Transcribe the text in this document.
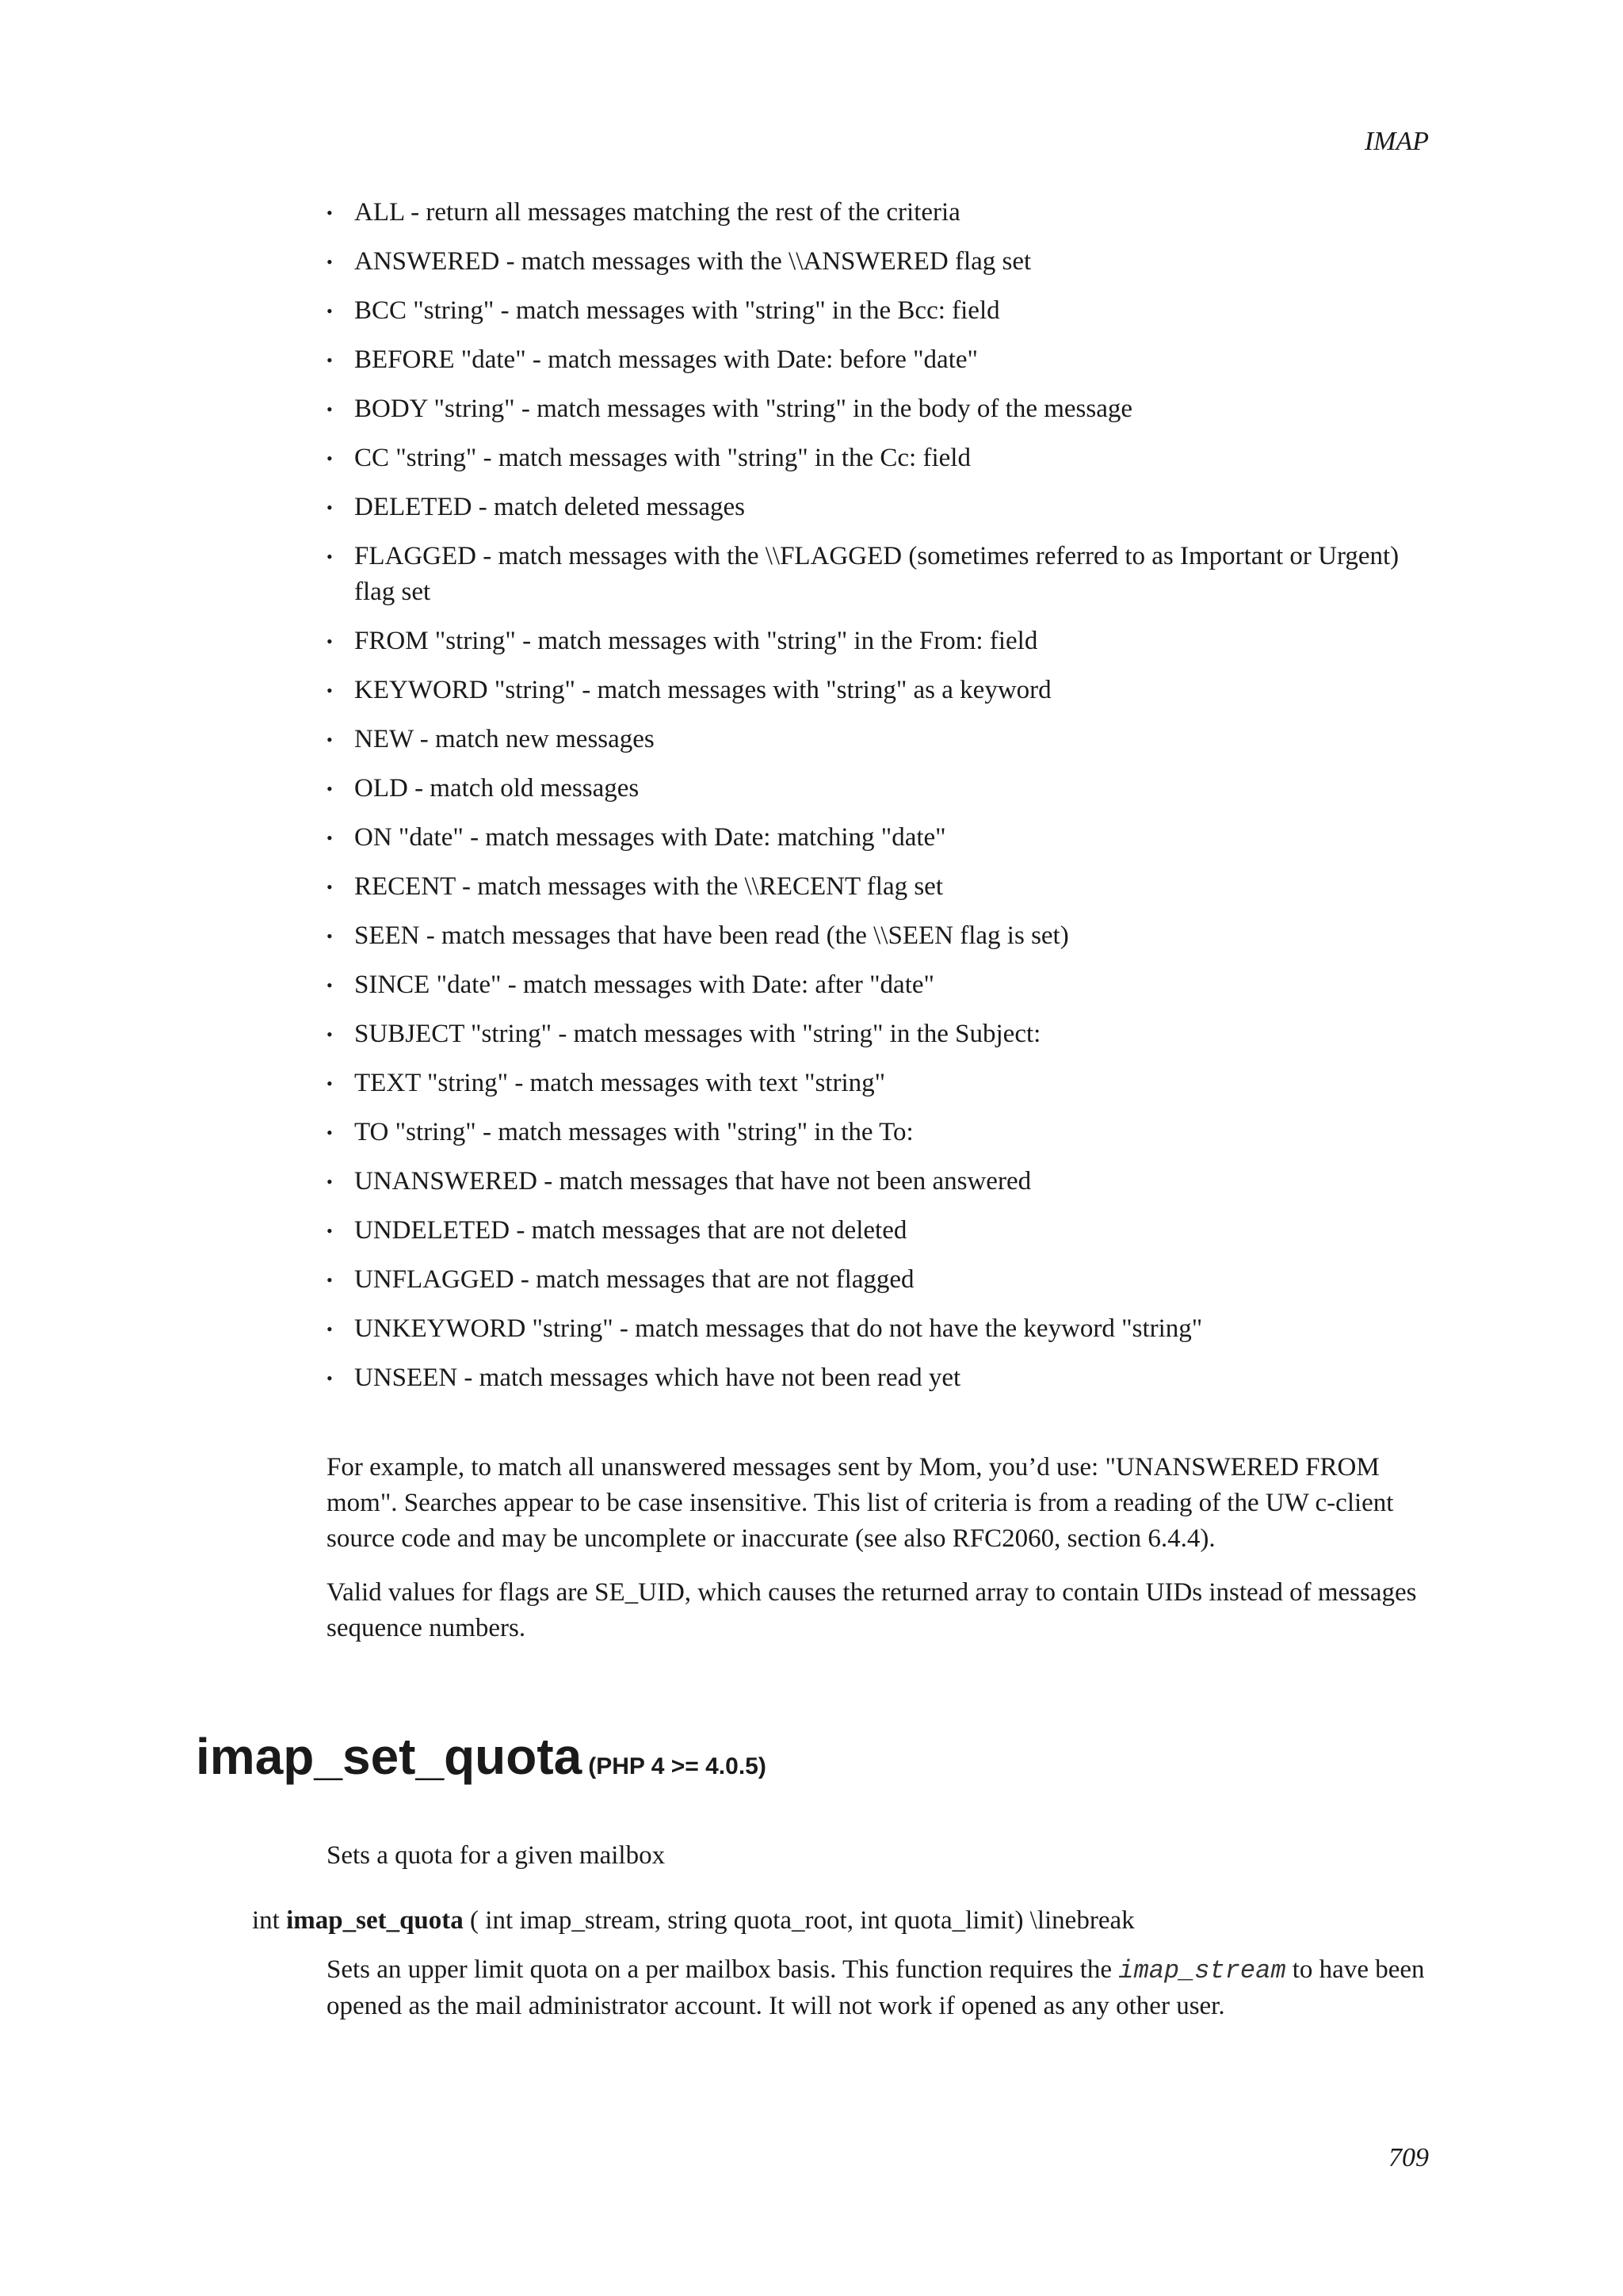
IMAP
• ALL - return all messages matching the rest of the criteria
• ANSWERED - match messages with the \\ANSWERED flag set
• BCC "string" - match messages with "string" in the Bcc: field
• BEFORE "date" - match messages with Date: before "date"
• BODY "string" - match messages with "string" in the body of the message
• CC "string" - match messages with "string" in the Cc: field
• DELETED - match deleted messages
• FLAGGED - match messages with the \\FLAGGED (sometimes referred to as Important or Urgent) flag set
• FROM "string" - match messages with "string" in the From: field
• KEYWORD "string" - match messages with "string" as a keyword
• NEW - match new messages
• OLD - match old messages
• ON "date" - match messages with Date: matching "date"
• RECENT - match messages with the \\RECENT flag set
• SEEN - match messages that have been read (the \\SEEN flag is set)
• SINCE "date" - match messages with Date: after "date"
• SUBJECT "string" - match messages with "string" in the Subject:
• TEXT "string" - match messages with text "string"
• TO "string" - match messages with "string" in the To:
• UNANSWERED - match messages that have not been answered
• UNDELETED - match messages that are not deleted
• UNFLAGGED - match messages that are not flagged
• UNKEYWORD "string" - match messages that do not have the keyword "string"
• UNSEEN - match messages which have not been read yet

For example, to match all unanswered messages sent by Mom, you’d use: "UNANSWERED FROM mom". Searches appear to be case insensitive. This list of criteria is from a reading of the UW c-client source code and may be uncomplete or inaccurate (see also RFC2060, section 6.4.4).

Valid values for flags are SE_UID, which causes the returned array to contain UIDs instead of messages sequence numbers.

imap_set_quota (PHP 4 >= 4.0.5)

Sets a quota for a given mailbox

int imap_set_quota ( int imap_stream, string quota_root, int quota_limit) \linebreak

Sets an upper limit quota on a per mailbox basis. This function requires the imap_stream to have been opened as the mail administrator account. It will not work if opened as any other user.

709
